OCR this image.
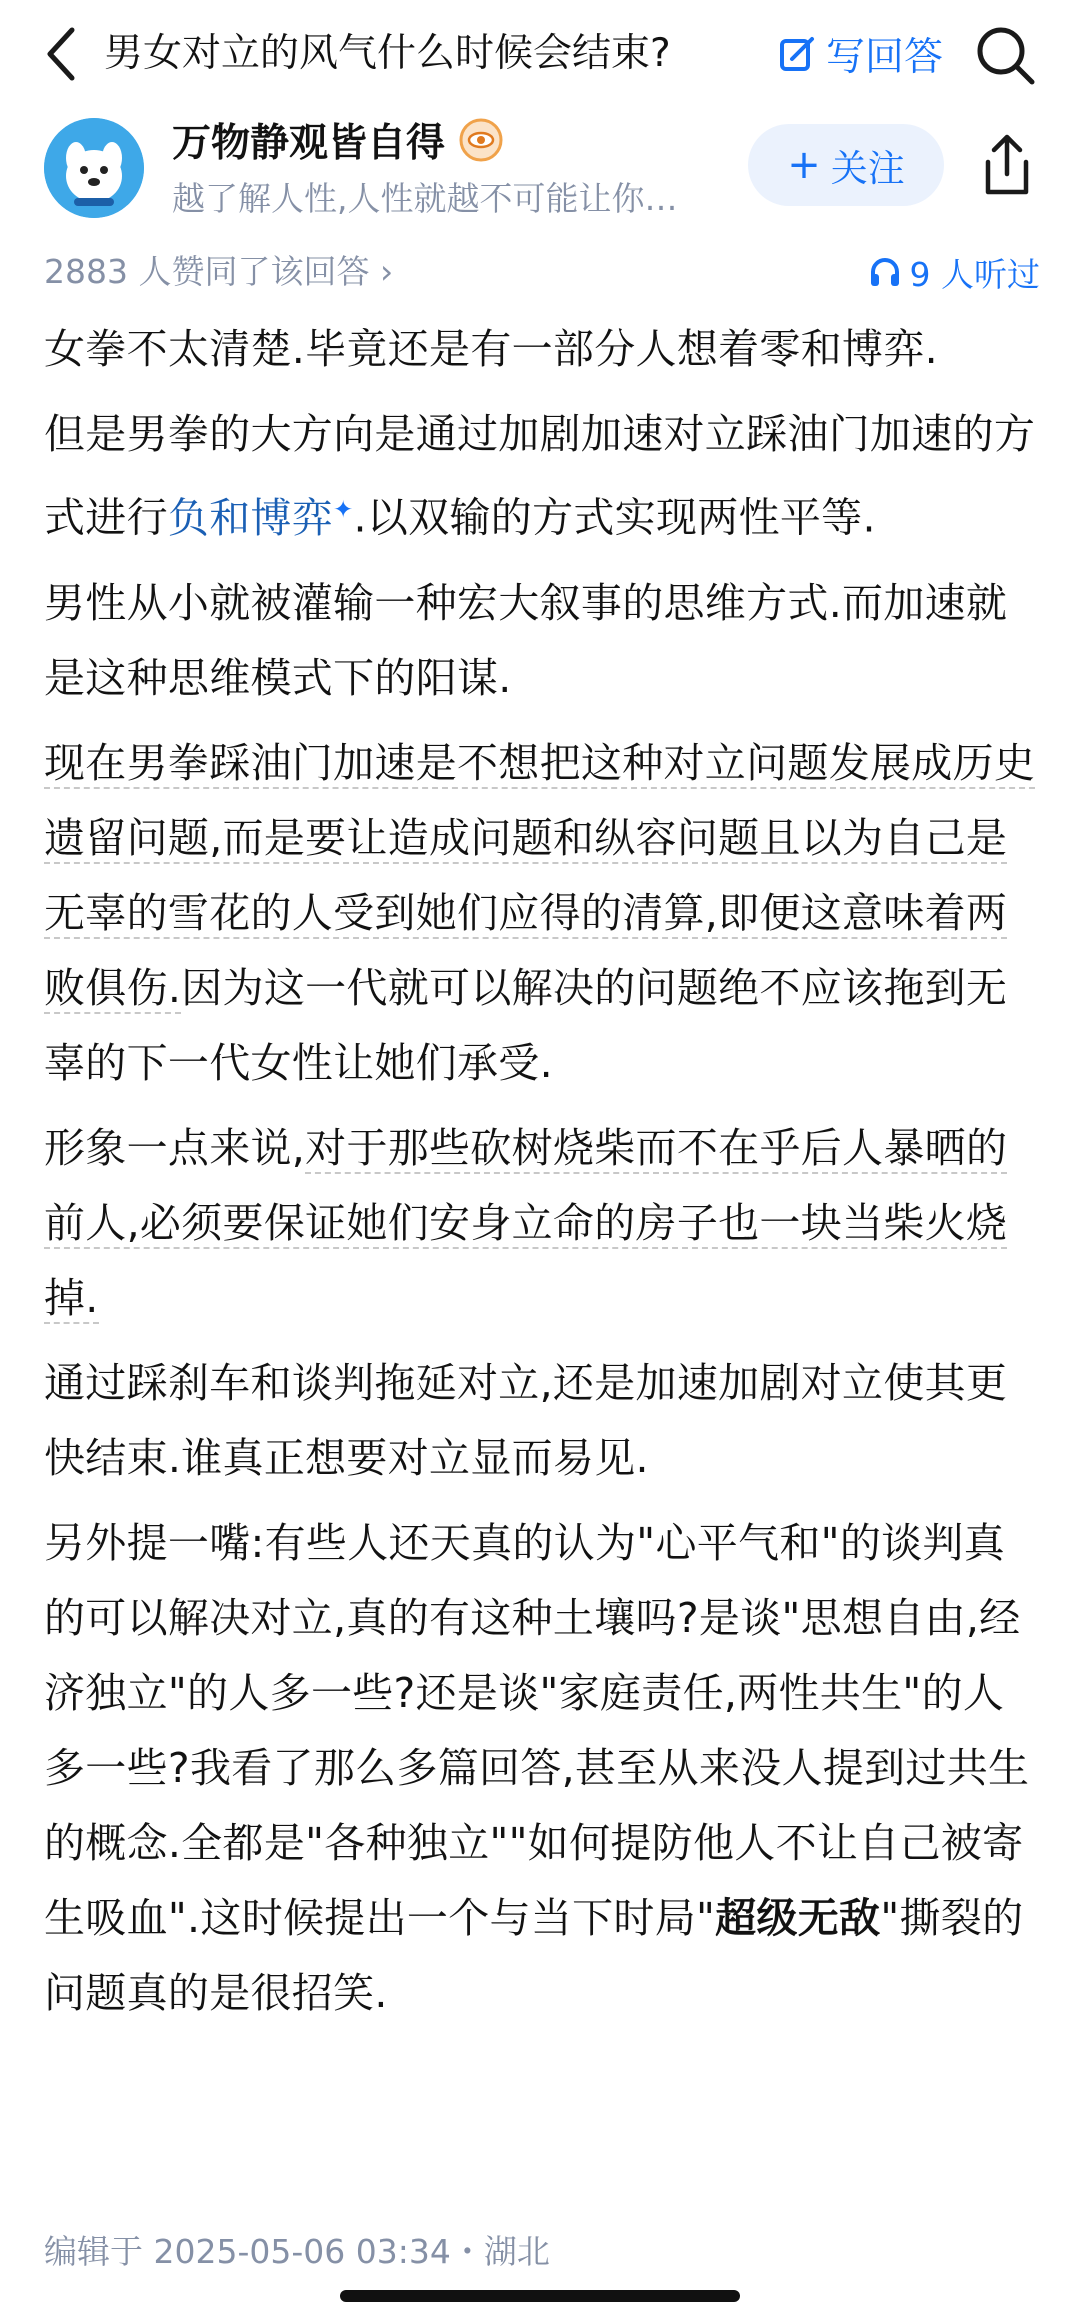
男女对立的风气什么时候会结束?	写回答
万物静观皆自得
越了解人性,人性就越不可能让你…
+ 关注
2883 人赞同了该回答 ›	9 人听过

女拳不太清楚.毕竟还是有一部分人想着零和博弈.

但是男拳的大方向是通过加剧加速对立踩油门加速的方式进行负和博弈✦.以双输的方式实现两性平等.

男性从小就被灌输一种宏大叙事的思维方式.而加速就是这种思维模式下的阳谋.

现在男拳踩油门加速是不想把这种对立问题发展成历史遗留问题,而是要让造成问题和纵容问题且以为自己是无辜的雪花的人受到她们应得的清算,即便这意味着两败俱伤.因为这一代就可以解决的问题绝不应该拖到无辜的下一代女性让她们承受.

形象一点来说,对于那些砍树烧柴而不在乎后人暴晒的前人,必须要保证她们安身立命的房子也一块当柴火烧掉.

通过踩刹车和谈判拖延对立,还是加速加剧对立使其更快结束.谁真正想要对立显而易见.

另外提一嘴:有些人还天真的认为"心平气和"的谈判真的可以解决对立,真的有这种土壤吗?是谈"思想自由,经济独立"的人多一些?还是谈"家庭责任,两性共生"的人多一些?我看了那么多篇回答,甚至从来没人提到过共生的概念.全都是"各种独立""如何提防他人不让自己被寄生吸血".这时候提出一个与当下时局"超级无敌"撕裂的问题真的是很招笑.

编辑于 2025-05-06 03:34・湖北
